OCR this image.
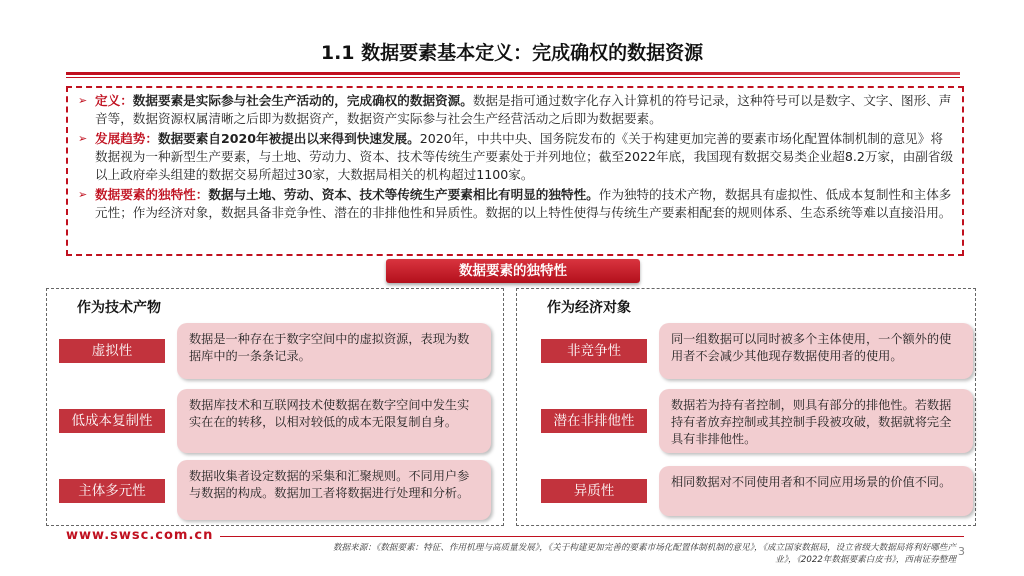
1.1 数据要素基本定义：完成确权的数据资源
➢ 定义：数据要素是实际参与社会生产活动的，完成确权的数据资源。数据是指可通过数字化存入计算机的符号记录，这种符号可以是数字、文字、图形、声音等，数据资源权属清晰之后即为数据资产，数据资产实际参与社会生产经营活动之后即为数据要素。
➢ 发展趋势：数据要素自2020年被提出以来得到快速发展。2020年，中共中央、国务院发布的《关于构建更加完善的要素市场化配置体制机制的意见》将数据视为一种新型生产要素，与土地、劳动力、资本、技术等传统生产要素处于并列地位；截至2022年底，我国现有数据交易类企业超8.2万家，由副省级以上政府牵头组建的数据交易所超过30家，大数据局相关的机构超过1100家。
➢ 数据要素的独特性：数据与土地、劳动、资本、技术等传统生产要素相比有明显的独特性。作为独特的技术产物，数据具有虚拟性、低成本复制性和主体多元性；作为经济对象，数据具备非竞争性、潜在的非排他性和异质性。数据的以上特性使得与传统生产要素相配套的规则体系、生态系统等难以直接沿用。
数据要素的独特性
作为技术产物
虚拟性
数据是一种存在于数字空间中的虚拟资源，表现为数据库中的一条条记录。
低成本复制性
数据库技术和互联网技术使数据在数字空间中发生实实在在的转移，以相对较低的成本无限复制自身。
主体多元性
数据收集者设定数据的采集和汇聚规则。不同用户参与数据的构成。数据加工者将数据进行处理和分析。
作为经济对象
非竞争性
同一组数据可以同时被多个主体使用，一个额外的使用者不会减少其他现存数据使用者的使用。
潜在非排他性
数据若为持有者控制，则具有部分的排他性。若数据持有者放弃控制或其控制手段被攻破，数据就将完全具有非排他性。
异质性
相同数据对不同使用者和不同应用场景的价值不同。
www.swsc.com.cn
数据来源：《数据要素：特征、作用机理与高质量发展》，《关于构建更加完善的要素市场化配置体制机制的意见》，《成立国家数据局，设立省级大数据局将利好哪些产业》，《2022年数据要素白皮书》，西南证券整理
3
